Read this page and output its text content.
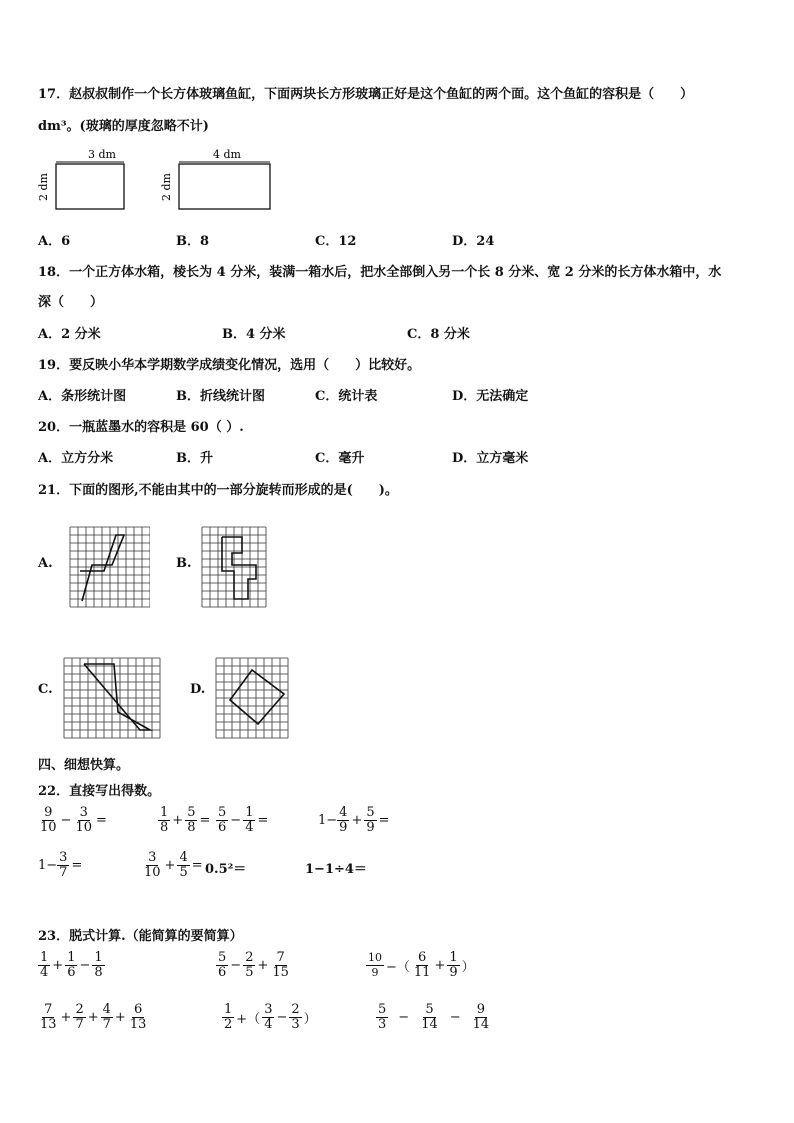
17．赵叔叔制作一个长方体玻璃鱼缸，下面两块长方形玻璃正好是这个鱼缸的两个面。这个鱼缸的容积是（　　）
dm³。(玻璃的厚度忽略不计)
3 dm
2 dm
4 dm
2 dm
A．6	B．8	C．12	D．24
18．一个正方体水箱，棱长为 4 分米，装满一箱水后，把水全部倒入另一个长 8 分米、宽 2 分米的长方体水箱中，水
深（　　）
A．2 分米	B．4 分米	C．8 分米
19．要反映小华本学期数学成绩变化情况，选用（　　）比较好。
A．条形统计图	B．折线统计图	C．统计表	D．无法确定
20．一瓶蓝墨水的容积是 60（ ）.
A．立方分米	B．升	C．毫升	D．立方毫米
21．下面的图形,不能由其中的一部分旋转而形成的是(　　)。
A.	B.
C.	D.
四、细想快算。
22．直接写出得数。
$\frac{9}{10} - \frac{3}{10}$ =	$\frac{1}{8} + \frac{5}{8} = \frac{5}{6} - \frac{1}{4}$ =	$1- \frac{4}{9} + \frac{5}{9}$ =
$1- \frac{3}{7}$ =	$\frac{3}{10} + \frac{4}{5} = 0.5^2=$	1−1÷4＝
23．脱式计算.（能简算的要简算）
$\frac{1}{4} + \frac{1}{6} - \frac{1}{8}$	$\frac{5}{6} - \frac{2}{5} + \frac{7}{15}$	$\frac{10}{9}$ −（ $\frac{6}{11} + \frac{1}{9}$ ）
$\frac{7}{13} + \frac{2}{7} + \frac{4}{7} + \frac{6}{13}$	$\frac{1}{2}$ +（ $\frac{3}{4} - \frac{2}{3}$ ）	$\frac{5}{3} - \frac{5}{14} - \frac{9}{14}$
